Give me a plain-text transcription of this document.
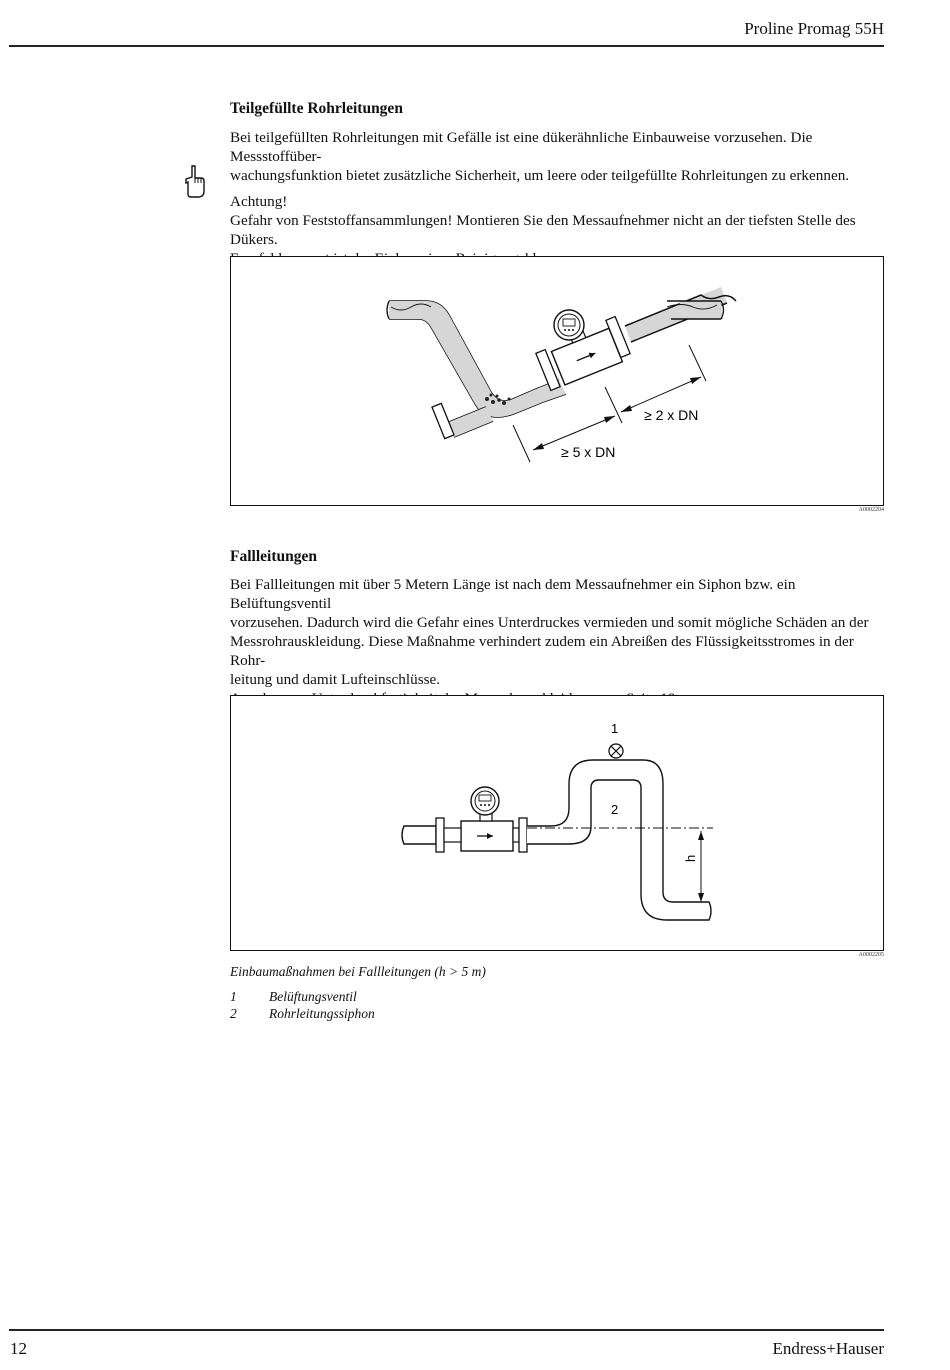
Proline Promag 55H
Teilgefüllte Rohrleitungen

Bei teilgefüllten Rohrleitungen mit Gefälle ist eine dükerähnliche Einbauweise vorzusehen. Die Messstoffüber-

wachungsfunktion bietet zusätzliche Sicherheit, um leere oder teilgefüllte Rohrleitungen zu erkennen.

Achtung!

Gefahr von Feststoffansammlungen! Montieren Sie den Messaufnehmer nicht an der tiefsten Stelle des Dükers.

≥ 2 x DN
≥ 5 x DN
A0002204
Fallleitungen

Bei Fallleitungen mit über 5 Metern Länge ist nach dem Messaufnehmer ein Siphon bzw. ein Belüftungsventil

vorzusehen. Dadurch wird die Gefahr eines Unterdruckes vermieden und somit mögliche Schäden an der

Messrohrauskleidung. Diese Maßnahme verhindert zudem ein Abreißen des Flüssigkeitsstromes in der Rohr-

leitung und damit Lufteinschlüsse.

1
2
h
A0002205
Einbaumaßnahmen bei Fallleitungen (h > 5 m)
1 Belüftungsventil
2 Rohrleitungssiphon
12	Endress+Hauser
